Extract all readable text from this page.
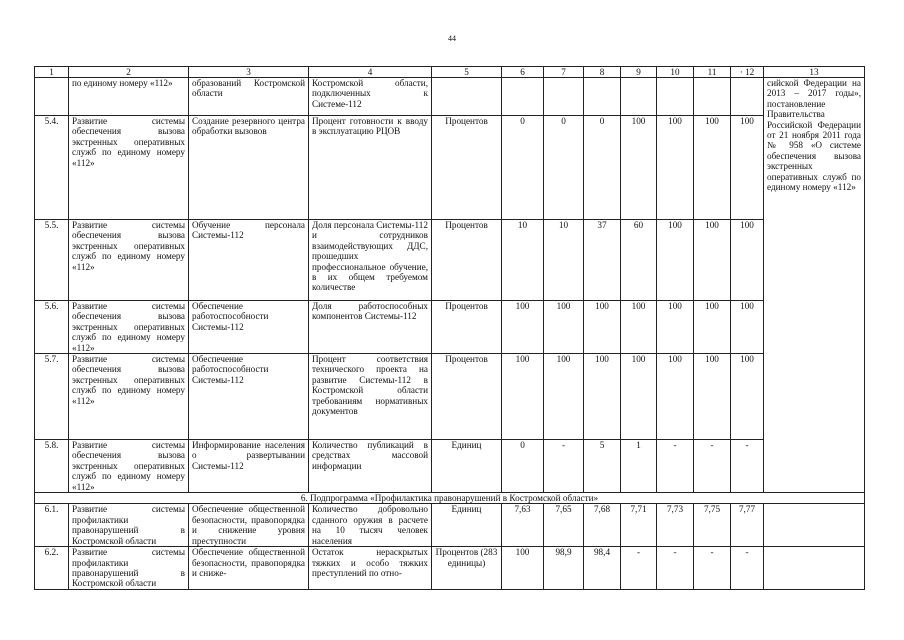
44
1	2	3	4	5	6	7	8	9	10	11	· 12	13
	по единому номеру «112»	образований Костромской области	Костромской области, подключенных к Системе-112									сийской Федерации на 2013 – 2017 годы», постановление Правительства Российской Федерации от 21 ноября 2011 года № 958 «О системе обеспечения вызова экстренных оперативных служб по единому номеру «112»
5.4.	Развитие системы обеспечения вызова экстренных оперативных служб по единому номеру «112»	Создание резервного центра обработки вызовов	Процент готовности к вводу в эксплуатацию РЦОВ	Процентов	0	0	0	100	100	100	100	
5.5.	Развитие системы обеспечения вызова экстренных оперативных служб по единому номеру «112»	Обучение персонала Системы-112	Доля персонала Системы-112 и сотрудников взаимодействующих ДДС, прошедших профессиональное обучение, в их общем требуемом количестве	Процентов	10	10	37	60	100	100	100	
5.6.	Развитие системы обеспечения вызова экстренных оперативных служб по единому номеру «112»	Обеспечение работоспособности Системы-112	Доля работоспособных компонентов Системы-112	Процентов	100	100	100	100	100	100	100	
5.7.	Развитие системы обеспечения вызова экстренных оперативных служб по единому номеру «112»	Обеспечение работоспособности Системы-112	Процент соответствия технического проекта на развитие Системы-112 в Костромской области требованиям нормативных документов	Процентов	100	100	100	100	100	100	100	
5.8.	Развитие системы обеспечения вызова экстренных оперативных служб по единому номеру «112»	Информирование населения о развертывании Системы-112	Количество публикаций в средствах массовой информации	Единиц	0	-	5	1	-	-	-	
6. Подпрограмма «Профилактика правонарушений в Костромской области»												
6.1.	Развитие системы профилактики правонарушений в Костромской области	Обеспечение общественной безопасности, правопорядка и снижение уровня преступности	Количество добровольно сданного оружия в расчете на 10 тысяч человек населения	Единиц	7,63	7,65	7,68	7,71	7,73	7,75	7,77	
6.2.	Развитие системы профилактики правонарушений в Костромской области	Обеспечение общественной безопасности, правопорядка и сниже-	Остаток нераскрытых тяжких и особо тяжких преступлений по отно-	Процентов (283 единицы)	100	98,9	98,4	-	-	-	-	
